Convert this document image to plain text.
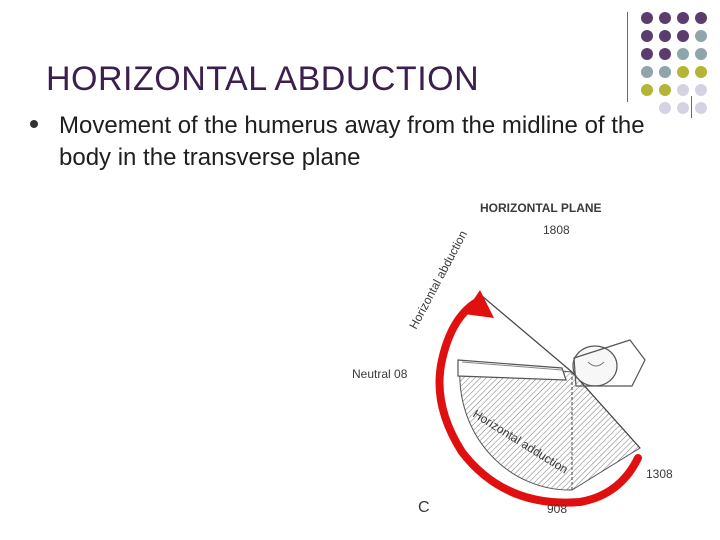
HORIZONTAL ABDUCTION
Movement of the humerus away from the midline of the body in the transverse plane
HORIZONTAL PLANE
1808
Neutral 08
1308
908
C
Horizontal abduction
Horizontal adduction
